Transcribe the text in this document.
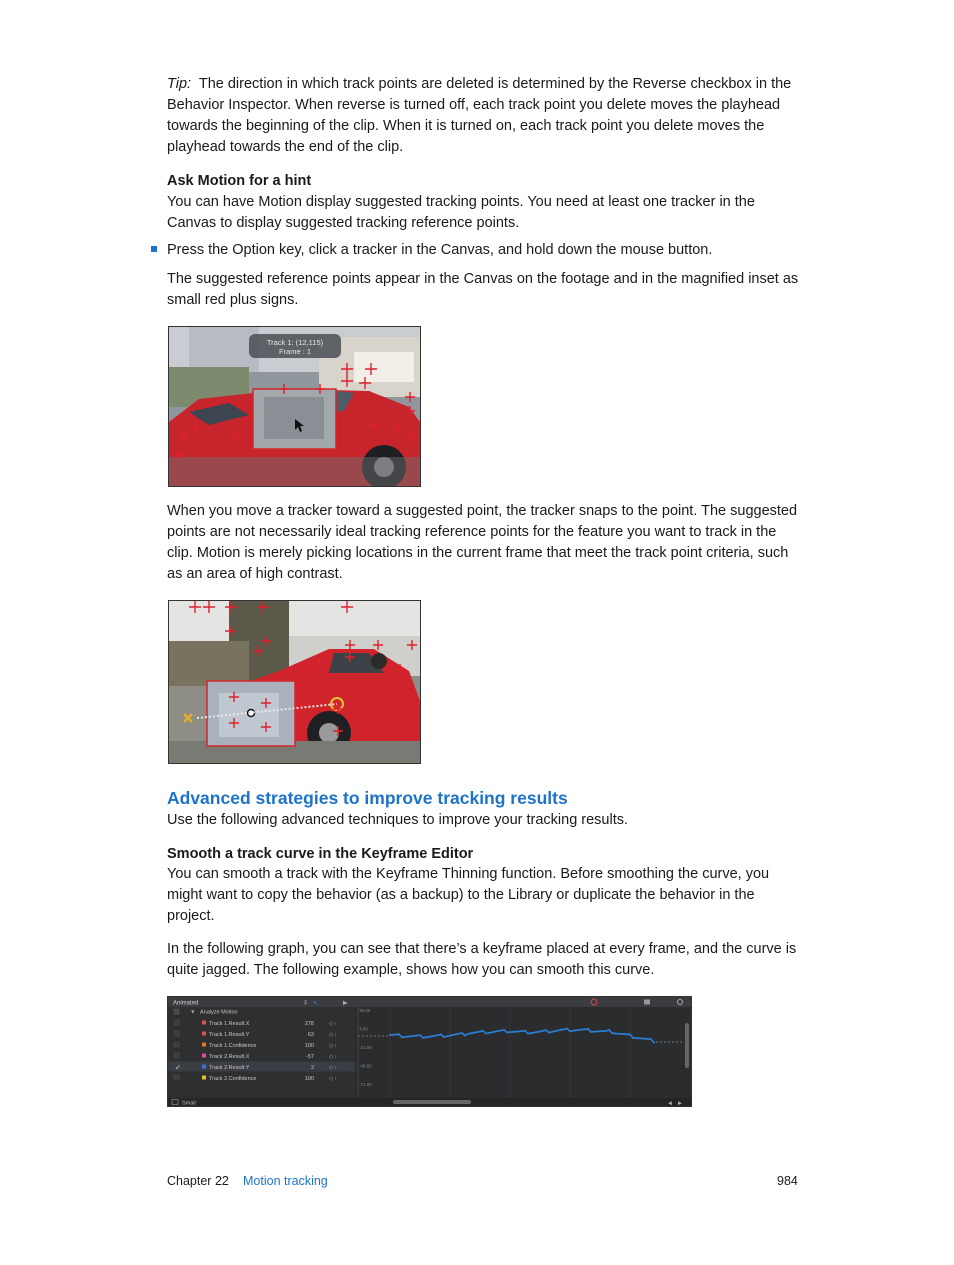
Tip: The direction in which track points are deleted is determined by the Reverse checkbox in the Behavior Inspector. When reverse is turned off, each track point you delete moves the playhead towards the beginning of the clip. When it is turned on, each track point you delete moves the playhead towards the end of the clip.

Ask Motion for a hint

You can have Motion display suggested tracking points. You need at least one tracker in the Canvas to display suggested tracking reference points.

Press the Option key, click a tracker in the Canvas, and hold down the mouse button.

The suggested reference points appear in the Canvas on the footage and in the magnified inset as small red plus signs.

Track 1: (12,115)
Frame : 1

When you move a tracker toward a suggested point, the tracker snaps to the point. The suggested points are not necessarily ideal tracking reference points for the feature you want to track in the clip. Motion is merely picking locations in the current frame that meet the track point criteria, such as an area of high contrast.

Advanced strategies to improve tracking results

Use the following advanced techniques to improve your tracking results.

Smooth a track curve in the Keyframe Editor

You can smooth a track with the Keyframe Thinning function. Before smoothing the curve, you might want to copy the behavior (as a backup) to the Library or duplicate the behavior in the project.

In the following graph, you can see that there’s a keyframe placed at every frame, and the curve is quite jagged. The following example, shows how you can smooth this curve.

Animated	⇕ ↖	▶
▼ Analyze Motion
Track 1.Result.X	278	◇ ›
Track 1.Result.Y	63	◇ ›
Track 1.Confidence	100	◇ ›
Track 2.Result.X	-57	◇ ›
Track 2.Result.Y	2	◇ ›
Track 2.Confidence	100	◇ ›
✓
39.00
3.00
-21.00
-45.00
-71.00
Small	◀ ▶
Chapter 22 Motion tracking	984
